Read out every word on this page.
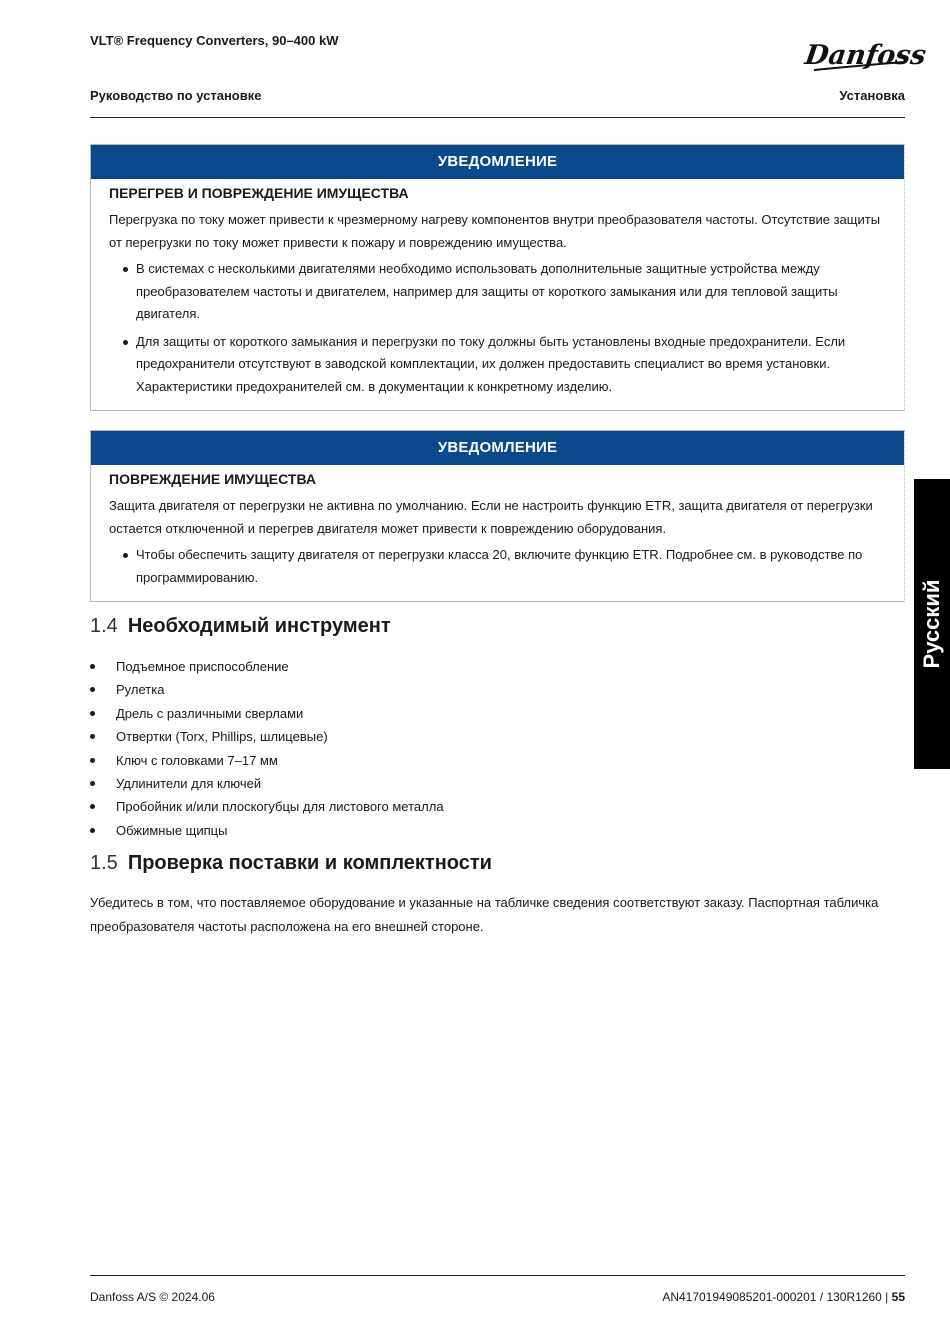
VLT® Frequency Converters, 90–400 kW
Руководство по установке	Установка
Danfoss
УВЕДОМЛЕНИЕ
ПЕРЕГРЕВ И ПОВРЕЖДЕНИЕ ИМУЩЕСТВА

Перегрузка по току может привести к чрезмерному нагреву компонентов внутри преобразователя частоты. Отсутствие защиты от перегрузки по току может привести к пожару и повреждению имущества.

В системах с несколькими двигателями необходимо использовать дополнительные защитные устройства между преобразователем частоты и двигателем, например для защиты от короткого замыкания или для тепловой защиты двигателя.
Для защиты от короткого замыкания и перегрузки по току должны быть установлены входные предохранители. Если предохранители отсутствуют в заводской комплектации, их должен предоставить специалист во время установки. Характеристики предохранителей см. в документации к конкретному изделию.
УВЕДОМЛЕНИЕ
ПОВРЕЖДЕНИЕ ИМУЩЕСТВА

Защита двигателя от перегрузки не активна по умолчанию. Если не настроить функцию ETR, защита двигателя от перегрузки остается отключенной и перегрев двигателя может привести к повреждению оборудования.

Чтобы обеспечить защиту двигателя от перегрузки класса 20, включите функцию ETR. Подробнее см. в руководстве по программированию.
1.4 Необходимый инструмент
Подъемное приспособление
Рулетка
Дрель с различными сверлами
Отвертки (Torx, Phillips, шлицевые)
Ключ с головками 7–17 мм
Удлинители для ключей
Пробойник и/или плоскогубцы для листового металла
Обжимные щипцы
1.5 Проверка поставки и комплектности

Убедитесь в том, что поставляемое оборудование и указанные на табличке сведения соответствуют заказу. Паспортная табличка преобразователя частоты расположена на его внешней стороне.

Русский
Danfoss A/S © 2024.06	AN41701949085201-000201 / 130R1260 | 55
